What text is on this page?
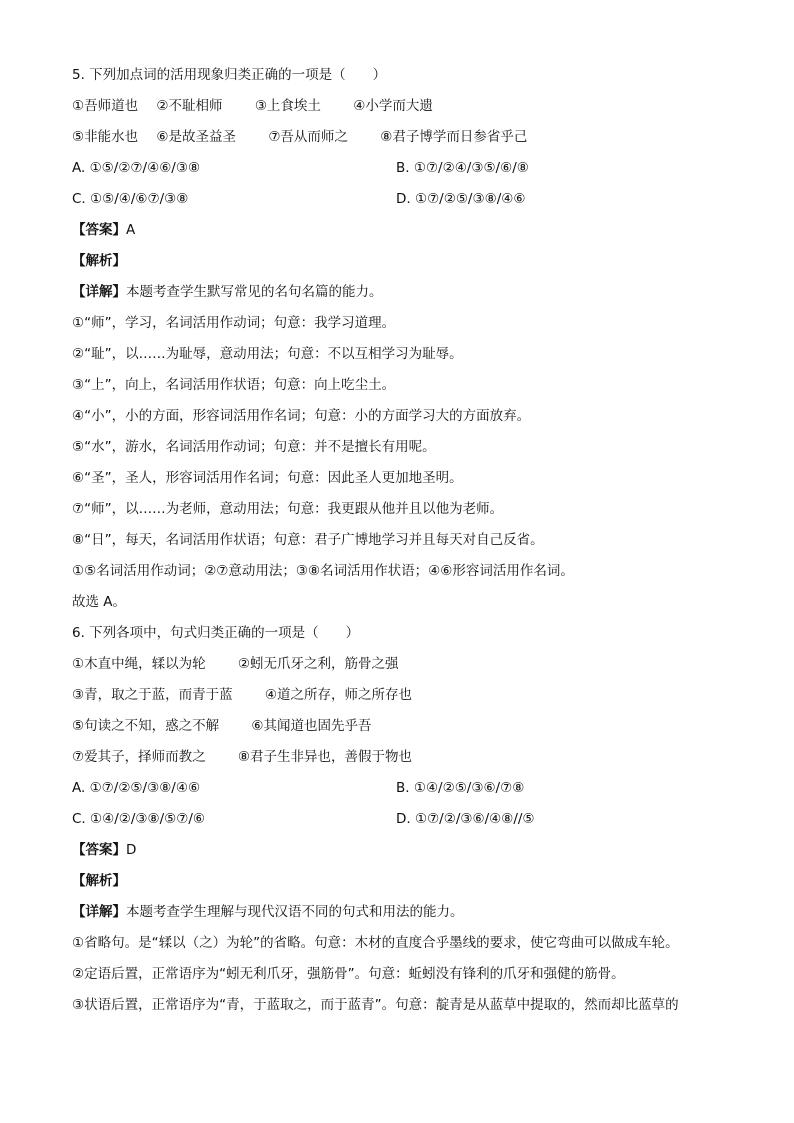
5. 下列加点词的活用现象归类正确的一项是（　　）
①吾师道也 ②不耻相师 ③上食埃土 ④小学而大遗
⑤非能水也 ⑥是故圣益圣 ⑦吾从而师之 ⑧君子博学而日参省乎己
A. ①⑤/②⑦/④⑥/③⑧	B. ①⑦/②④/③⑤/⑥/⑧
C. ①⑤/④/⑥⑦/③⑧	D. ①⑦/②⑤/③⑧/④⑥
【答案】A
【解析】
【详解】本题考查学生默写常见的名句名篇的能力。
①“师”，学习，名词活用作动词；句意：我学习道理。
②“耻”，以……为耻辱，意动用法；句意：不以互相学习为耻辱。
③“上”，向上，名词活用作状语；句意：向上吃尘土。
④“小”，小的方面，形容词活用作名词；句意：小的方面学习大的方面放弃。
⑤“水”，游水，名词活用作动词；句意：并不是擅长有用呢。
⑥“圣”，圣人，形容词活用作名词；句意：因此圣人更加地圣明。
⑦“师”，以……为老师，意动用法；句意：我更跟从他并且以他为老师。
⑧“日”，每天，名词活用作状语；句意：君子广博地学习并且每天对自己反省。
①⑤名词活用作动词；②⑦意动用法；③⑧名词活用作状语；④⑥形容词活用作名词。
故选 A。
6. 下列各项中，句式归类正确的一项是（　　）
①木直中绳，𫐓以为轮 ②蚓无爪牙之利，筋骨之强
③青，取之于蓝，而青于蓝 ④道之所存，师之所存也
⑤句读之不知，惑之不解 ⑥其闻道也固先乎吾
⑦爱其子，择师而教之 ⑧君子生非异也，善假于物也
A. ①⑦/②⑤/③⑧/④⑥	B. ①④/②⑤/③⑥/⑦⑧
C. ①④/②/③⑧/⑤⑦/⑥	D. ①⑦/②/③⑥/④⑧//⑤
【答案】D
【解析】
【详解】本题考查学生理解与现代汉语不同的句式和用法的能力。
①省略句。是“𫐓以（之）为轮”的省略。句意：木材的直度合乎墨线的要求，使它弯曲可以做成车轮。
②定语后置，正常语序为“蚓无利爪牙，强筋骨”。句意：蚯蚓没有锋利的爪牙和强健的筋骨。
③状语后置，正常语序为“青，于蓝取之，而于蓝青”。句意：靛青是从蓝草中提取的，然而却比蓝草的
